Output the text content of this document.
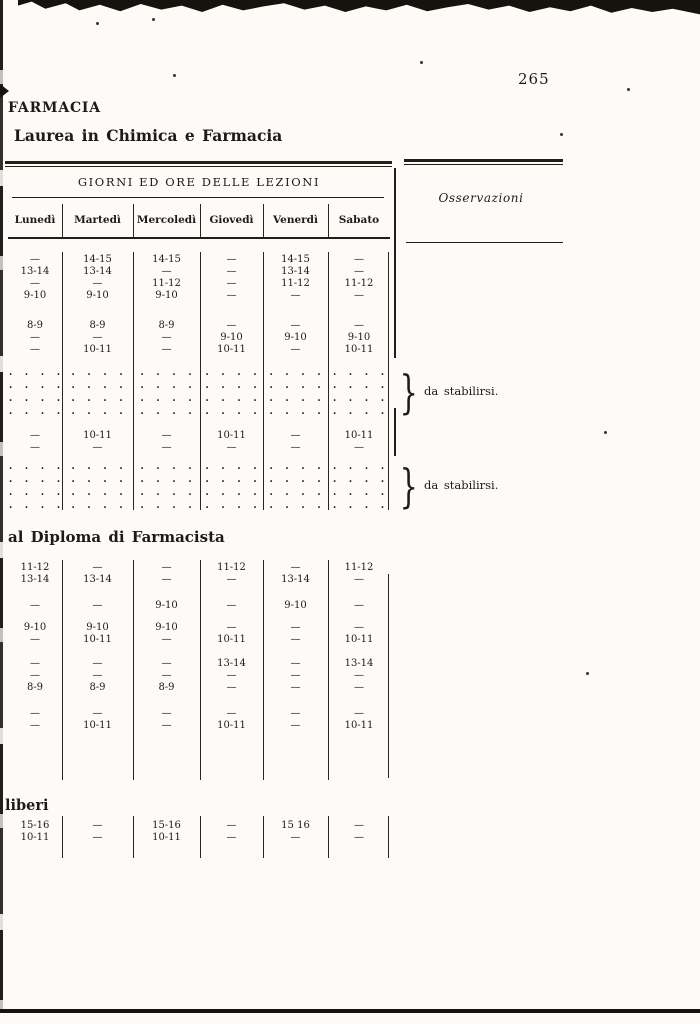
265
FARMACIA
Laurea in Chimica e Farmacia
GIORNI ED ORE DELLE LEZIONI
Osservazioni
Lunedì	Martedì	Mercoledì	Giovedì	Venerdì	Sabato
—	14-15	14-15	—	14-15	—
13-14	13-14	—	—	13-14	—
—	—	11-12	—	11-12	11-12
9-10	9-10	9-10	—	—	—
8-9	8-9	8-9	—	—	—
—	—	—	9-10	9-10	9-10
—	10-11	—	10-11	—	10-11
. . . .	. . . .	. . . .	. . . .	. . . .	. . . .
. . . .	. . . .	. . . .	. . . .	. . . .	. . . .
. . . .	. . . .	. . . .	. . . .	. . . .	. . . .
. . . .	. . . .	. . . .	. . . .	. . . .	. . . . } da stabilirsi.
—	10-11	—	10-11	—	10-11
—	—	—	—	—	—
. . . .	. . . .	. . . .	. . . .	. . . .	. . . .
. . . .	. . . .	. . . .	. . . .	. . . .	. . . .
. . . .	. . . .	. . . .	. . . .	. . . .	. . . .
. . . .	. . . .	. . . .	. . . .	. . . .	. . . . } da stabilirsi.
al Diploma di Farmacista
11-12	—	—	11-12	—	11-12
13-14	13-14	—	—	13-14	—
—	—	9-10	—	9-10	—
9-10	9-10	9-10	—	—	—
—	10-11	—	10-11	—	10-11
—	—	—	13-14	—	13-14
—	—	—	—	—	—
8-9	8-9	8-9	—	—	—
—	—	—	—	—	—
—	10-11	—	10-11	—	10-11
liberi
15-16	—	15-16	—	15 16	—
10-11	—	10-11	—	—	—
